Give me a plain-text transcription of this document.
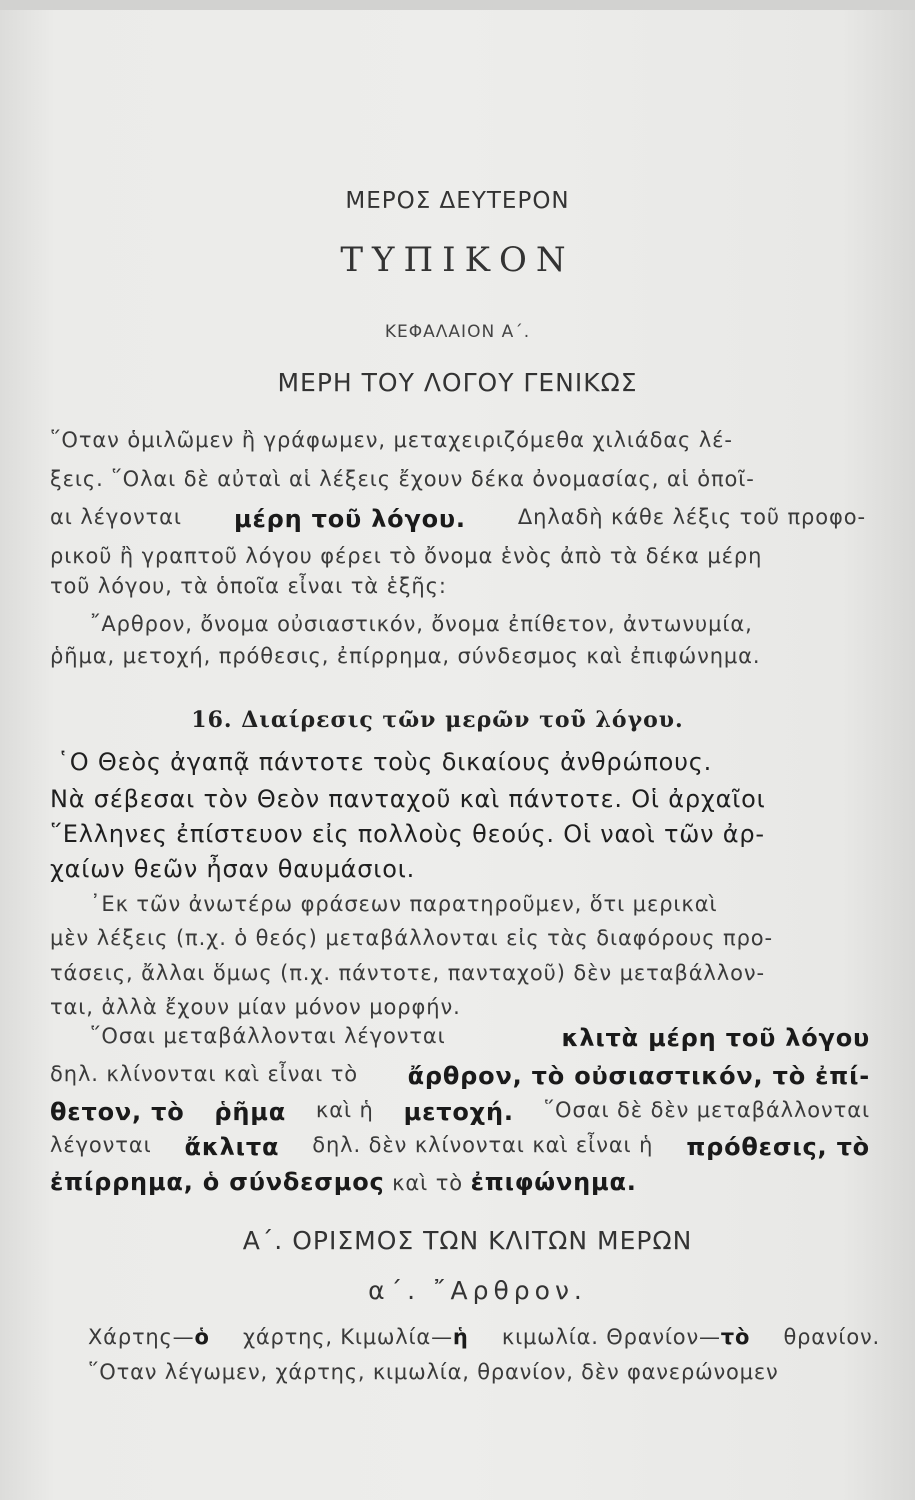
ΜΕΡΟΣ ΔΕΥΤΕΡΟΝ
ΤΥΠΙΚΟΝ
ΚΕΦΑΛΑΙΟΝ Α΄.
ΜΕΡΗ ΤΟΥ ΛΟΓΟΥ ΓΕΝΙΚΩΣ
῞Οταν ὁμιλῶμεν ἢ γράφωμεν, μεταχειριζόμεθα χιλιάδας λέ-
ξεις. ῞Ολαι δὲ αὐταὶ αἱ λέξεις ἔχουν δέκα ὀνομασίας, αἱ ὁποῖ-
αι λέγονται μέρη τοῦ λόγου. Δηλαδὴ κάθε λέξις τοῦ προφο-
ρικοῦ ἢ γραπτοῦ λόγου φέρει τὸ ὄνομα ἑνὸς ἀπὸ τὰ δέκα μέρη
τοῦ λόγου, τὰ ὁποῖα εἶναι τὰ ἑξῆς:
῎Αρθρον, ὄνομα οὐσιαστικόν, ὄνομα ἐπίθετον, ἀντωνυμία,
ῥῆμα, μετοχή, πρόθεσις, ἐπίρρημα, σύνδεσμος καὶ ἐπιφώνημα.
16. Διαίρεσις τῶν μερῶν τοῦ λόγου.
῾Ο Θεὸς ἀγαπᾷ πάντοτε τοὺς δικαίους ἀνθρώπους.
Νὰ σέβεσαι τὸν Θεὸν πανταχοῦ καὶ πάντοτε. Οἱ ἀρχαῖοι
῞Ελληνες ἐπίστευον εἰς πολλοὺς θεούς. Οἱ ναοὶ τῶν ἀρ-
χαίων θεῶν ἦσαν θαυμάσιοι.
᾽Εκ τῶν ἀνωτέρω φράσεων παρατηροῦμεν, ὅτι μερικαὶ
μὲν λέξεις (π.χ. ὁ θεός) μεταβάλλονται εἰς τὰς διαφόρους προ-
τάσεις, ἄλλαι ὅμως (π.χ. πάντοτε, πανταχοῦ) δὲν μεταβάλλον-
ται, ἀλλὰ ἔχουν μίαν μόνον μορφήν.
῞Οσαι μεταβάλλονται λέγονται	κλιτὰ μέρη τοῦ λόγου
δηλ. κλίνονται καὶ εἶναι τὸ ἄρθρον, τὸ οὐσιαστικόν, τὸ ἐπί-
θετον, τὸ ῥῆμα καὶ ἡ μετοχή. ῞Οσαι δὲ δὲν μεταβάλλονται
λέγονται ἄκλιτα δηλ. δὲν κλίνονται καὶ εἶναι ἡ πρόθεσις, τὸ
ἐπίρρημα, ὁ σύνδεσμος καὶ τὸ ἐπιφώνημα.
Α΄. ΟΡΙΣΜΟΣ ΤΩΝ ΚΛΙΤΩΝ ΜΕΡΩΝ
α΄. ῎Αρθρον.
Χάρτης—ὁ χάρτης, Κιμωλία—ἡ κιμωλία. Θρανίον—τὸ θρανίον.
῞Οταν λέγωμεν, χάρτης, κιμωλία, θρανίον, δὲν φανερώνομεν
